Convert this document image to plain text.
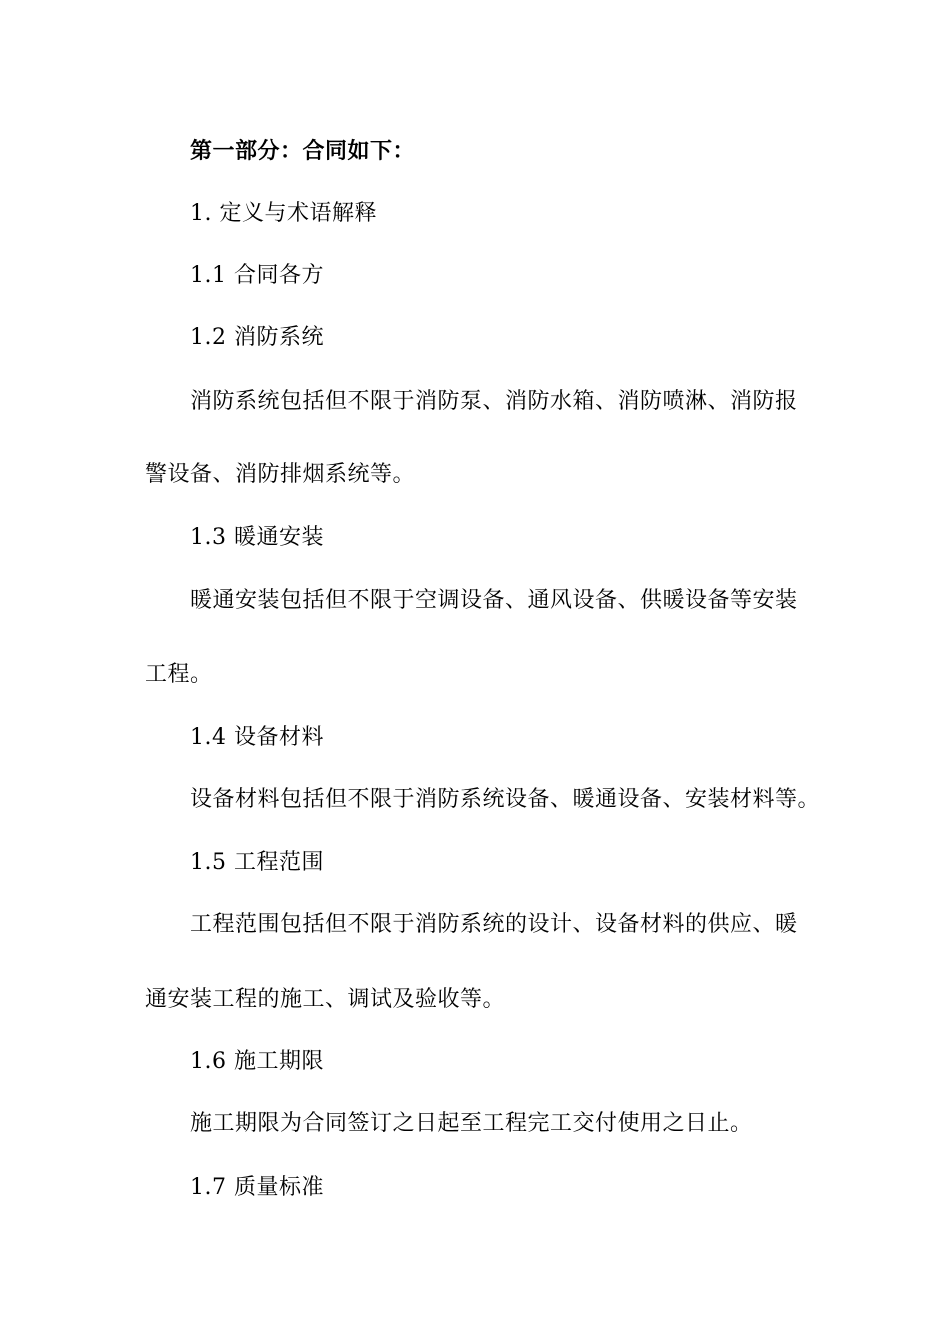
第一部分：合同如下：
1. 定义与术语解释
1.1 合同各方
1.2 消防系统
消防系统包括但不限于消防泵、消防水箱、消防喷淋、消防报
警设备、消防排烟系统等。
1.3 暖通安装
暖通安装包括但不限于空调设备、通风设备、供暖设备等安装
工程。
1.4 设备材料
设备材料包括但不限于消防系统设备、暖通设备、安装材料等。
1.5 工程范围
工程范围包括但不限于消防系统的设计、设备材料的供应、暖
通安装工程的施工、调试及验收等。
1.6 施工期限
施工期限为合同签订之日起至工程完工交付使用之日止。
1.7 质量标准
